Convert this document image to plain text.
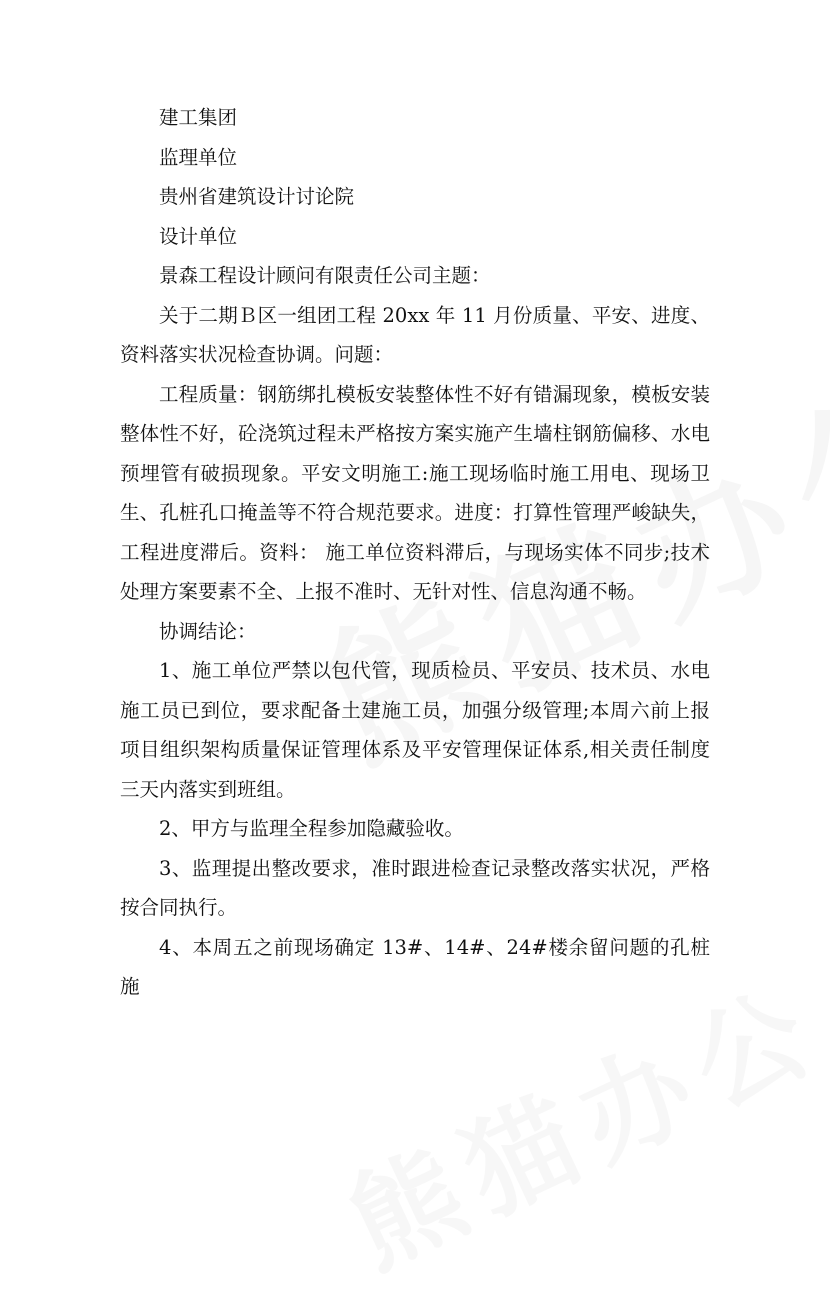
建工集团

监理单位

贵州省建筑设计讨论院

设计单位

景森工程设计顾问有限责任公司主题：

关于二期Ｂ区一组团工程 20xx 年 11 月份质量、平安、进度、资料落实状况检查协调。问题：

工程质量：钢筋绑扎模板安装整体性不好有错漏现象，模板安装整体性不好，砼浇筑过程未严格按方案实施产生墙柱钢筋偏移、水电预埋管有破损现象。平安文明施工:施工现场临时施工用电、现场卫生、孔桩孔口掩盖等不符合规范要求。进度：打算性管理严峻缺失，工程进度滞后。资料： 施工单位资料滞后，与现场实体不同步;技术处理方案要素不全、上报不准时、无针对性、信息沟通不畅。

协调结论：

1、施工单位严禁以包代管，现质检员、平安员、技术员、水电施工员已到位，要求配备土建施工员，加强分级管理;本周六前上报项目组织架构质量保证管理体系及平安管理保证体系,相关责任制度三天内落实到班组。

2、甲方与监理全程参加隐藏验收。

3、监理提出整改要求，准时跟进检查记录整改落实状况，严格按合同执行。

4、本周五之前现场确定 13#、14#、24#楼余留问题的孔桩施
